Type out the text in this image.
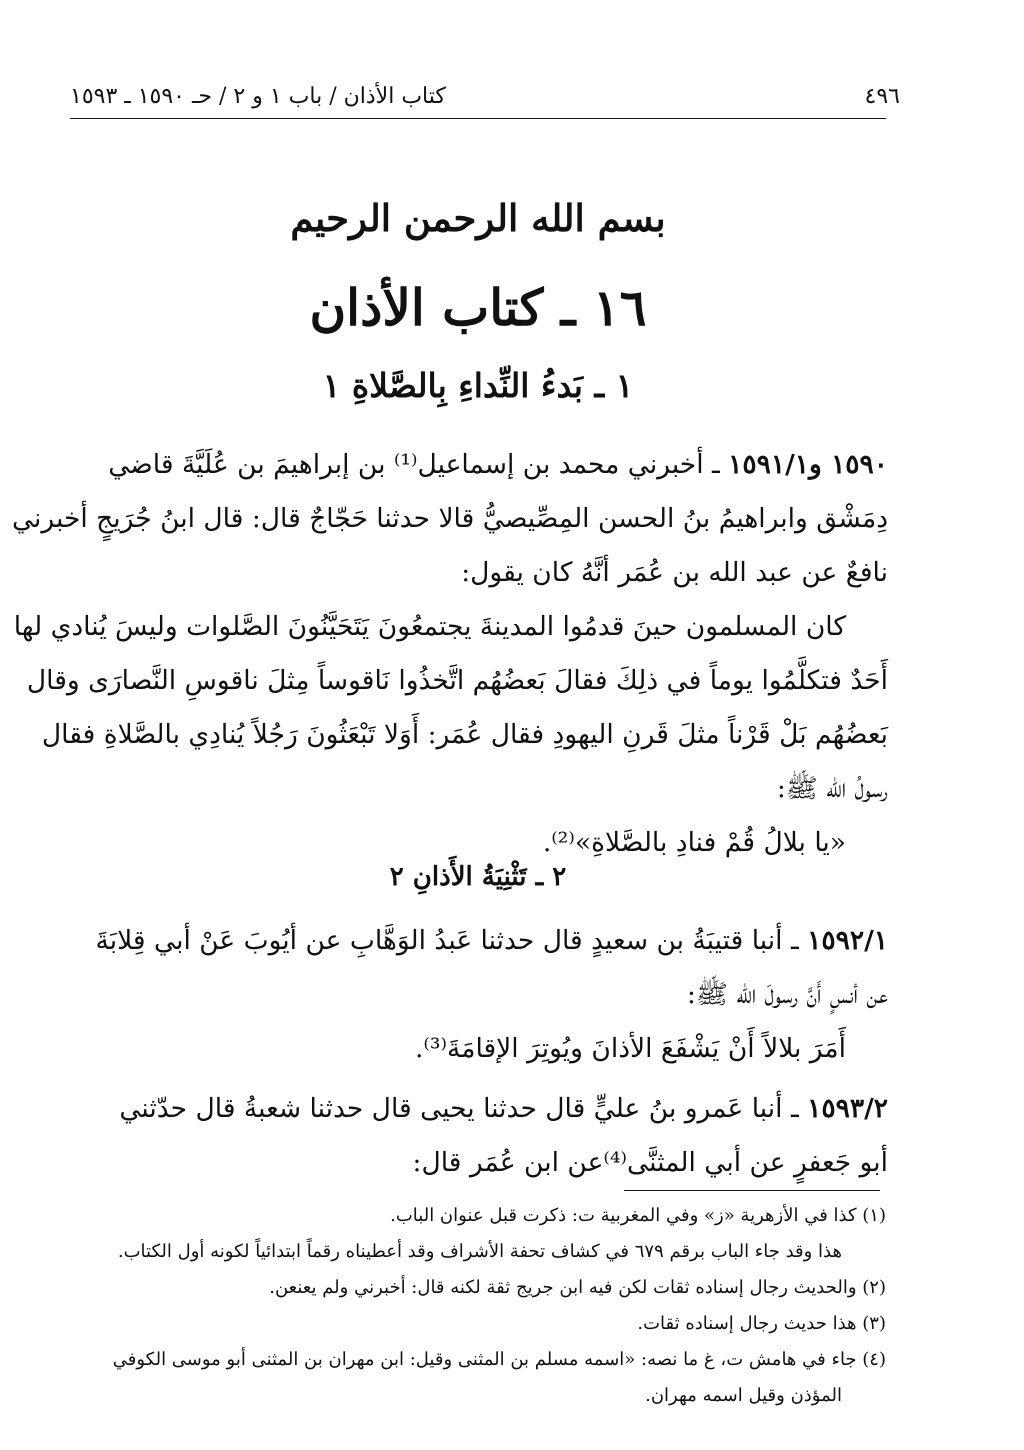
٤٩٦
كتاب الأذان / باب ١ و ٢ / حـ ١٥٩٠ ـ ١٥٩٣
بسم الله الرحمن الرحيم
١٦ ـ كتاب الأذان
١ ـ بَدءُ النِّداءِ بِالصَّلاةِ ١

١٥٩٠ و١٥٩١/١ ـ أخبرني محمد بن إسماعيل⁽¹⁾ بن إبراهيمَ بن عُلَيَّةَ قاضي
دِمَشْق وابراهيمُ بنُ الحسن المِصِّيصيُّ قالا حدثنا حَجّاجٌ قال: قال ابنُ جُرَيجٍ أخبرني
نافعٌ عن عبد الله بن عُمَر أنَّهُ كان يقول:

كان المسلمون حينَ قدمُوا المدينةَ يجتمعُونَ يَتَحَيَّنُونَ الصَّلوات وليسَ يُنادي لها
أَحَدٌ فتكلَّمُوا يوماً في ذلِكَ فقالَ بَعضُهُم اتَّخذُوا نَاقوساً مِثلَ ناقوسِ النَّصارَى وقال
بَعضُهُم بَلْ قَرْناً مثلَ قَرنِ اليهودِ فقال عُمَر: أَوَلا تَبْعَثُونَ رَجُلاً يُنادِي بالصَّلاةِ فقال
رسولُ الله ﷺ:
«يا بلالُ قُمْ فنادِ بالصَّلاةِ»⁽²⁾.

٢ ـ تَثْنِيَةُ الأَذانِ ٢

١٥٩٢/١ ـ أنبا قتيبَةُ بن سعيدٍ قال حدثنا عَبدُ الوَهَّابِ عن أيُوبَ عَنْ أبي قِلابَةَ
عن أنسٍ أَنَّ رسولَ الله ﷺ:
أَمَرَ بلالاً أَنْ يَشْفَعَ الأذانَ ويُوتِرَ الإقامَةَ⁽³⁾.

١٥٩٣/٢ ـ أنبا عَمرو بنُ عليٍّ قال حدثنا يحيى قال حدثنا شعبةُ قال حدّثني
أبو جَعفرٍ عن أبي المثنَّى⁽⁴⁾عن ابن عُمَر قال:

(١) كذا في الأزهرية «ز» وفي المغربية ت: ذكرت قبل عنوان الباب.
هذا وقد جاء الباب برقم ٦٧٩ في كشاف تحفة الأشراف وقد أعطيناه رقماً ابتدائياً لكونه أول الكتاب.
(٢) والحديث رجال إسناده ثقات لكن فيه ابن جريج ثقة لكنه قال: أخبرني ولم يعنعن.
(٣) هذا حديث رجال إسناده ثقات.
(٤) جاء في هامش ت، غ ما نصه: «اسمه مسلم بن المثنى وقيل: ابن مهران بن المثنى أبو موسى الكوفي
المؤذن وقيل اسمه مهران.
